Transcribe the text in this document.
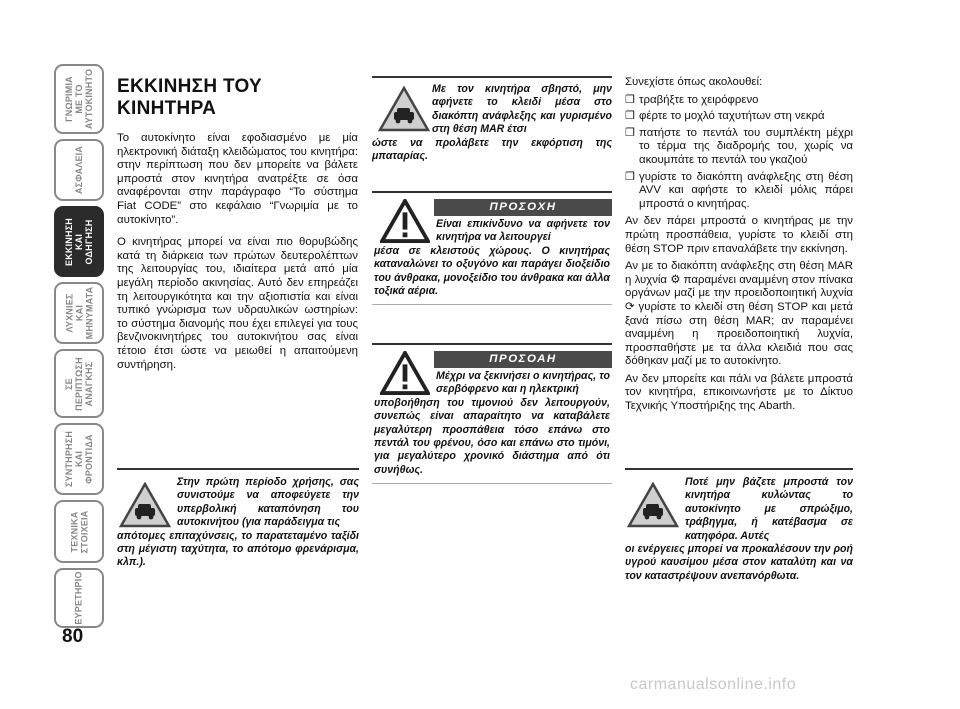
ΓΝΩΡΙΜΙΑ
ΜΕ ΤΟ
ΑΥΤΟΚΙΝΗΤΟ
ΑΣΦΑΛΕΙΑ
ΕΚΚΙΝΗΣΗ
ΚΑΙ
ΟΔΗΓΗΣΗ
ΛΥΧΝΙΕΣ
ΚΑΙ
ΜΗΝΥΜΑΤΑ
ΣΕ
ΠΕΡΙΠΤΩΣΗ
ΑΝΑΓΚΗΣ
ΣΥΝΤΗΡΗΣΗ
ΚΑΙ
ΦΡΟΝΤΙΔΑ
ΤΕΧΝΙΚΑ
ΣΤΟΙΧΕΙΑ
ΕΥΡΕΤΗΡΙΟ
80
ΕΚΚΙΝΗΣΗ ΤΟΥ ΚΙΝΗΤΗΡΑ

Το αυτοκίνητο είναι εφοδιασμένο με μία ηλεκτρονική διάταξη κλειδώματος του κινητήρα: στην περίπτωση που δεν μπορείτε να βάλετε μπροστά στον κινητήρα ανατρέξτε σε όσα αναφέρονται στην παράγραφο “Το σύστημα Fiat CODE” στο κεφάλαιο “Γνωριμία με το αυτοκίνητο”.

Ο κινητήρας μπορεί να είναι πιο θορυβώδης κατά τη διάρκεια των πρώτων δευτερολέπτων της λειτουργίας του, ιδιαίτερα μετά από μία μεγάλη περίοδο ακινησίας. Αυτό δεν επηρεάζει τη λειτουργικότητα και την αξιοπιστία και είναι τυπικό γνώρισμα των υδραυλικών ωστηρίων: το σύστημα διανομής που έχει επιλεγεί για τους βενζινοκινητήρες του αυτοκινήτου σας είναι τέτοιο έτσι ώστε να μειωθεί η απαιτούμενη συντήρηση.

Στην πρώτη περίοδο χρήσης, σας συνιστούμε να αποφεύγετε την υπερβολική καταπόνηση του αυτοκινήτου (για παράδειγμα τις
απότομες επιταχύνσεις, το παρατεταμένο ταξίδι στη μέγιστη ταχύτητα, το απότομο φρενάρισμα, κλπ.).
Με τον κινητήρα σβηστό, μην αφήνετε το κλειδί μέσα στο διακόπτη ανάφλεξης και γυρισμένο στη θέση MAR έτσι
ώστε να προλάβετε την εκφόρτιση της μπαταρίας.
ΠΡΟΣΟΧΗ
Είναι επικίνδυνο να αφήνετε τον κινητήρα να λειτουργεί
μέσα σε κλειστούς χώρους. Ο κινητήρας καταναλώνει το οξυγόνο και παράγει διοξείδιο του άνθρακα, μονοξείδιο του άνθρακα και άλλα τοξικά αέρια.
ΠΡΟΣΟΑΗ
Μέχρι να ξεκινήσει ο κινητήρας, το σερβόφρενο και η ηλεκτρική
υποβοήθηση του τιμονιού δεν λειτουργούν, συνεπώς είναι απαραίτητο να καταβάλετε μεγαλύτερη προσπάθεια τόσο επάνω στο πεντάλ του φρένου, όσο και επάνω στο τιμόνι, για μεγαλύτερο χρονικό διάστημα από ότι συνήθως.

Συνεχίστε όπως ακολουθεί:

❐ τραβήξτε το χειρόφρενο
❐ φέρτε το μοχλό ταχυτήτων στη νεκρά
❐ πατήστε το πεντάλ του συμπλέκτη μέχρι το τέρμα της διαδρομής του, χωρίς να ακουμπάτε το πεντάλ του γκαζιού
❐ γυρίστε το διακόπτη ανάφλεξης στη θέση AVV και αφήστε το κλειδί μόλις πάρει μπροστά ο κινητήρας.

Αν δεν πάρει μπροστά ο κινητήρας με την πρώτη προσπάθεια, γυρίστε το κλειδί στη θέση STOP πριν επαναλάβετε την εκκίνηση.

Αν με το διακόπτη ανάφλεξης στη θέση MAR η λυχνία ⚙ παραμένει αναμμένη στον πίνακα οργάνων μαζί με την προειδοποιητική λυχνία ⟳ γυρίστε το κλειδί στη θέση STOP και μετά ξανά πίσω στη θέση MAR; αν παραμένει αναμμένη η προειδοποιητική λυχνία, προσπαθήστε με τα άλλα κλειδιά που σας δόθηκαν μαζί με το αυτοκίνητο.

Αν δεν μπορείτε και πάλι να βάλετε μπροστά τον κινητήρα, επικοινωνήστε με το Δίκτυο Τεχνικής Υποστήριξης της Abarth.

Ποτέ μην βάζετε μπροστά τον κινητήρα κυλώντας το αυτοκίνητο με σπρώξιμο, τράβηγμα, ή κατέβασμα σε κατηφόρα. Αυτές
οι ενέργειες μπορεί να προκαλέσουν την ροή υγρού καυσίμου μέσα στον καταλύτη και να τον καταστρέψουν ανεπανόρθωτα.
carmanualsonline.info
